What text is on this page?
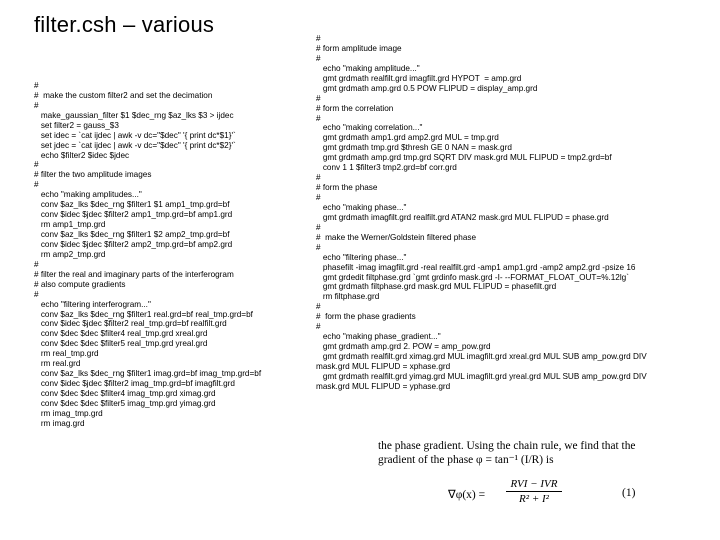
filter.csh – various
#
#  make the custom filter2 and set the decimation
#
make_gaussian_filter $1 $dec_rng $az_lks $3 > ijdec
set filter2 = gauss_$3
set idec = `cat ijdec | awk -v dc="$dec" '{ print dc*$1}'`
set jdec = `cat ijdec | awk -v dc="$dec" '{ print dc*$2}'`
echo $filter2 $idec $jdec
#
# filter the two amplitude images
#
echo "making amplitudes..."
conv $az_lks $dec_rng $filter1 $1 amp1_tmp.grd=bf
conv $idec $jdec $filter2 amp1_tmp.grd=bf amp1.grd
rm amp1_tmp.grd
conv $az_lks $dec_rng $filter1 $2 amp2_tmp.grd=bf
conv $idec $jdec $filter2 amp2_tmp.grd=bf amp2.grd
rm amp2_tmp.grd
#
# filter the real and imaginary parts of the interferogram
# also compute gradients
#
echo "filtering interferogram..."
conv $az_lks $dec_rng $filter1 real.grd=bf real_tmp.grd=bf
conv $idec $jdec $filter2 real_tmp.grd=bf realfilt.grd
conv $dec $dec $filter4 real_tmp.grd xreal.grd
conv $dec $dec $filter5 real_tmp.grd yreal.grd
rm real_tmp.grd
rm real.grd
conv $az_lks $dec_rng $filter1 imag.grd=bf imag_tmp.grd=bf
conv $idec $jdec $filter2 imag_tmp.grd=bf imagfilt.grd
conv $dec $dec $filter4 imag_tmp.grd ximag.grd
conv $dec $dec $filter5 imag_tmp.grd yimag.grd
rm imag_tmp.grd
rm imag.grd
#
# form amplitude image
#
echo "making amplitude..."
gmt grdmath realfilt.grd imagfilt.grd HYPOT  = amp.grd
gmt grdmath amp.grd 0.5 POW FLIPUD = display_amp.grd
#
# form the correlation
#
echo "making correlation..."
gmt grdmath amp1.grd amp2.grd MUL = tmp.grd
gmt grdmath tmp.grd $thresh GE 0 NAN = mask.grd
gmt grdmath amp.grd tmp.grd SQRT DIV mask.grd MUL FLIPUD = tmp2.grd=bf
conv 1 1 $filter3 tmp2.grd=bf corr.grd
#
# form the phase
#
echo "making phase..."
gmt grdmath imagfilt.grd realfilt.grd ATAN2 mask.grd MUL FLIPUD = phase.grd
#
#  make the Werner/Goldstein filtered phase
#
echo "filtering phase..."
phasefilt -imag imagfilt.grd -real realfilt.grd -amp1 amp1.grd -amp2 amp2.grd -psize 16
gmt grdedit filtphase.grd `gmt grdinfo mask.grd -I- --FORMAT_FLOAT_OUT=%.12lg`
gmt grdmath filtphase.grd mask.grd MUL FLIPUD = phasefilt.grd
rm filtphase.grd
#
#  form the phase gradients
#
echo "making phase_gradient..."
gmt grdmath amp.grd 2. POW = amp_pow.grd
gmt grdmath realfilt.grd ximag.grd MUL imagfilt.grd xreal.grd MUL SUB amp_pow.grd DIV
mask.grd MUL FLIPUD = xphase.grd
gmt grdmath realfilt.grd yimag.grd MUL imagfilt.grd yreal.grd MUL SUB amp_pow.grd DIV
mask.grd MUL FLIPUD = yphase.grd
the phase gradient. Using the chain rule, we find that the
gradient of the phase φ = tan⁻¹ (I/R) is
∇φ(x) =
RVI − IVR
R² + I²	(1)
